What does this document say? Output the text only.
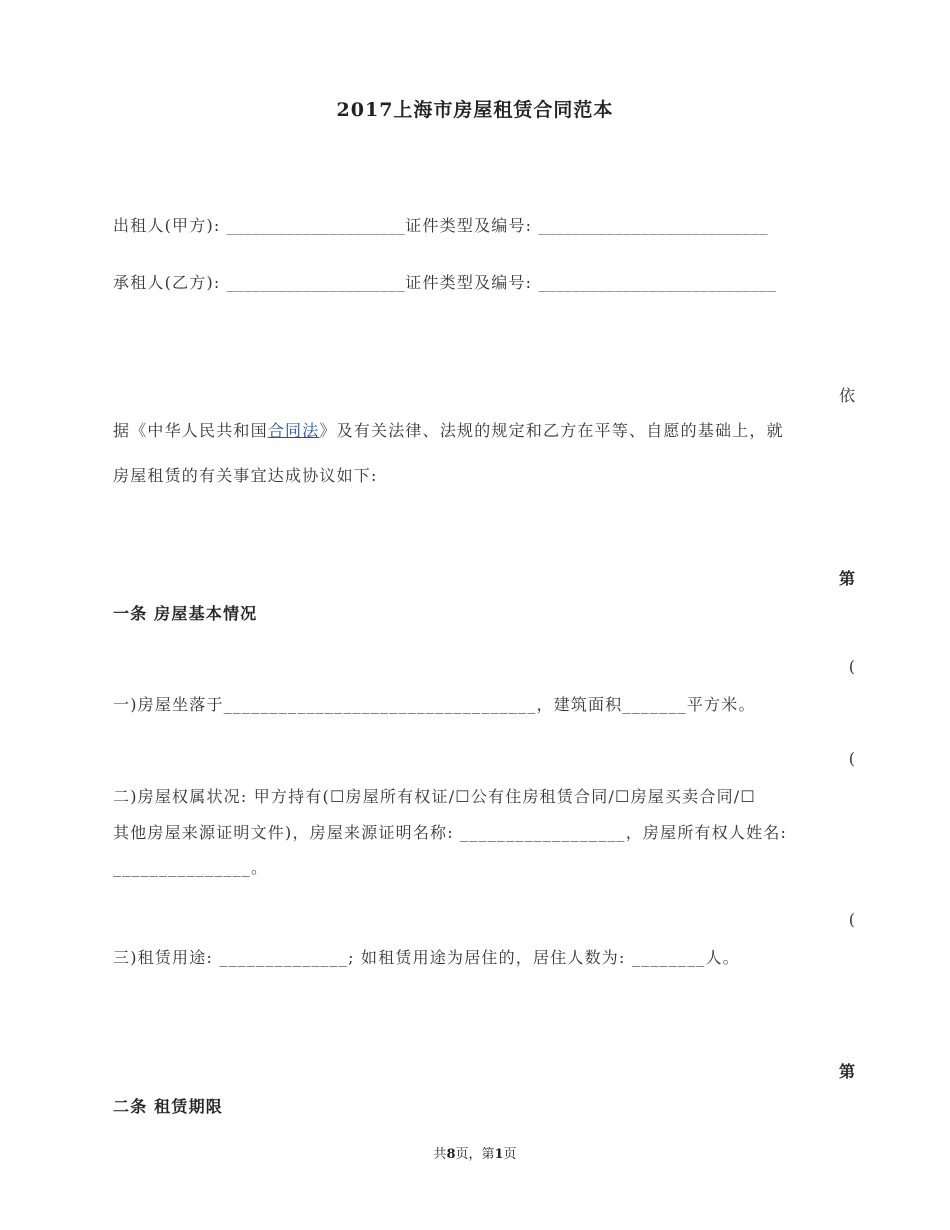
2017上海市房屋租赁合同范本
出租人(甲方): _____________________证件类型及编号: ___________________________
承租人(乙方): _____________________证件类型及编号: ____________________________
依
据《中华人民共和国合同法》及有关法律、法规的规定和乙方在平等、自愿的基础上，就
房屋租赁的有关事宜达成协议如下:
第
一条 房屋基本情况
(
一)房屋坐落于__________________________________，建筑面积_______平方米。
(
二)房屋权属状况: 甲方持有(☐房屋所有权证/☐公有住房租赁合同/☐房屋买卖合同/☐
其他房屋来源证明文件)，房屋来源证明名称: __________________，房屋所有权人姓名:
_______________。
(
三)租赁用途: ______________; 如租赁用途为居住的，居住人数为: ________人。
第
二条 租赁期限
共8页，第1页
